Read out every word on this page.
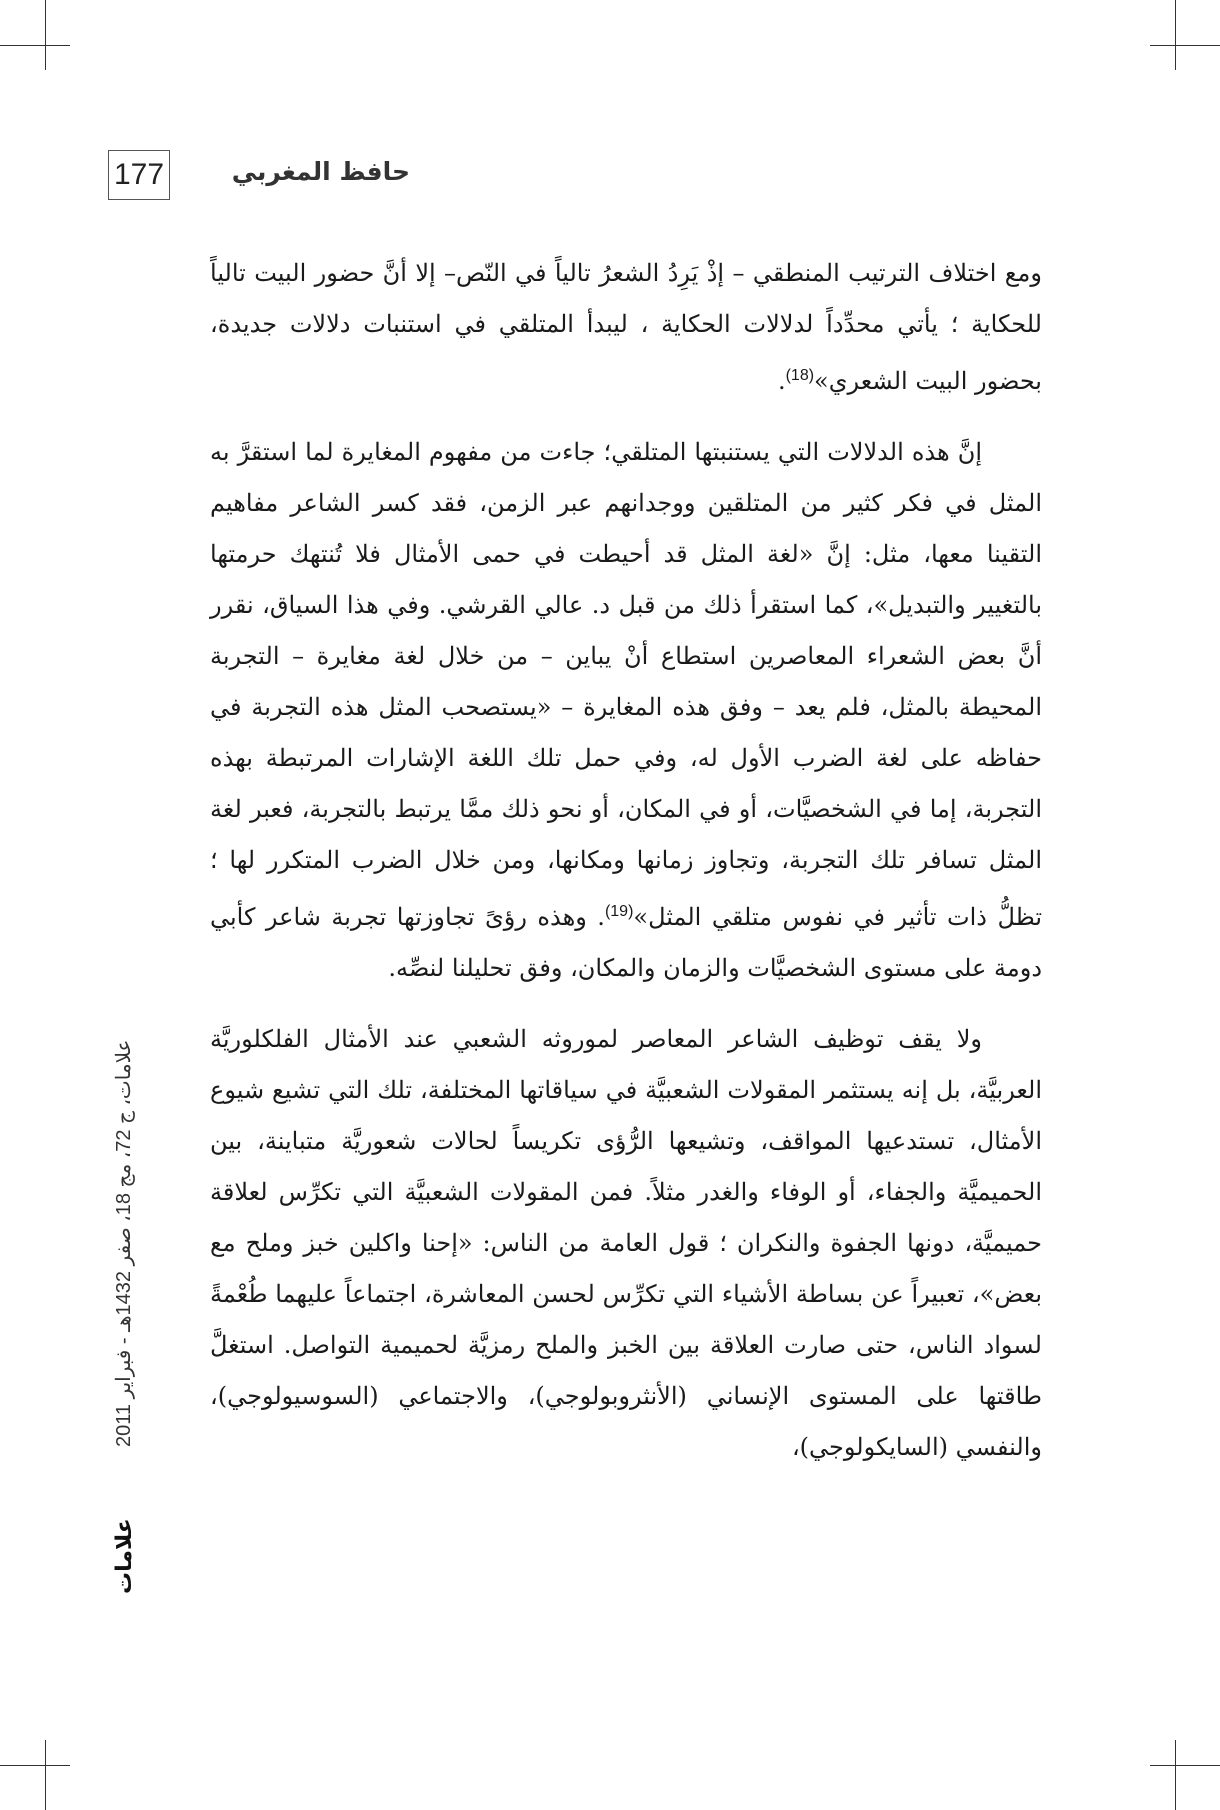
177	حافظ المغربي

ومع اختلاف الترتيب المنطقي – إذْ يَرِدُ الشعرُ تالياً في النّص– إلا أنَّ حضور البيت تالياً للحكاية ؛ يأتي محدِّداً لدلالات الحكاية ، ليبدأ المتلقي في استنبات دلالات جديدة، بحضور البيت الشعري»$^{(18)}$.

إنَّ هذه الدلالات التي يستنبتها المتلقي؛ جاءت من مفهوم المغايرة لما استقرَّ به المثل في فكر كثير من المتلقين ووجدانهم عبر الزمن، فقد كسر الشاعر مفاهيم التقينا معها، مثل: إنَّ «لغة المثل قد أحيطت في حمى الأمثال فلا تُنتهك حرمتها بالتغيير والتبديل»، كما استقرأ ذلك من قبل د. عالي القرشي. وفي هذا السياق، نقرر أنَّ بعض الشعراء المعاصرين استطاع أنْ يباين – من خلال لغة مغايرة – التجربة المحيطة بالمثل، فلم يعد – وفق هذه المغايرة – «يستصحب المثل هذه التجربة في حفاظه على لغة الضرب الأول له، وفي حمل تلك اللغة الإشارات المرتبطة بهذه التجربة، إما في الشخصيَّات، أو في المكان، أو نحو ذلك ممَّا يرتبط بالتجربة، فعبر لغة المثل تسافر تلك التجربة، وتجاوز زمانها ومكانها، ومن خلال الضرب المتكرر لها ؛ تظلُّ ذات تأثير في نفوس متلقي المثل»$^{(19)}$. وهذه رؤىً تجاوزتها تجربة شاعر كأبي دومة على مستوى الشخصيَّات والزمان والمكان، وفق تحليلنا لنصِّه.

ولا يقف توظيف الشاعر المعاصر لموروثه الشعبي عند الأمثال الفلكلوريَّة العربيَّة، بل إنه يستثمر المقولات الشعبيَّة في سياقاتها المختلفة، تلك التي تشيع شيوع الأمثال، تستدعيها المواقف، وتشيعها الرُّؤى تكريساً لحالات شعوريَّة متباينة، بين الحميميَّة والجفاء، أو الوفاء والغدر مثلاً. فمن المقولات الشعبيَّة التي تكرِّس لعلاقة حميميَّة، دونها الجفوة والنكران ؛ قول العامة من الناس: «إحنا واكلين خبز وملح مع بعض»، تعبيراً عن بساطة الأشياء التي تكرِّس لحسن المعاشرة، اجتماعاً عليهما طُعْمةً لسواد الناس، حتى صارت العلاقة بين الخبز والملح رمزيَّة لحميمية التواصل. استغلَّ طاقتها على المستوى الإنساني (الأنثروبولوجي)، والاجتماعي (السوسيولوجي)، والنفسي (السايكولوجي)،

علامات، ج 72، مج 18، صفر 1432هـ - فبراير 2011
علامات
